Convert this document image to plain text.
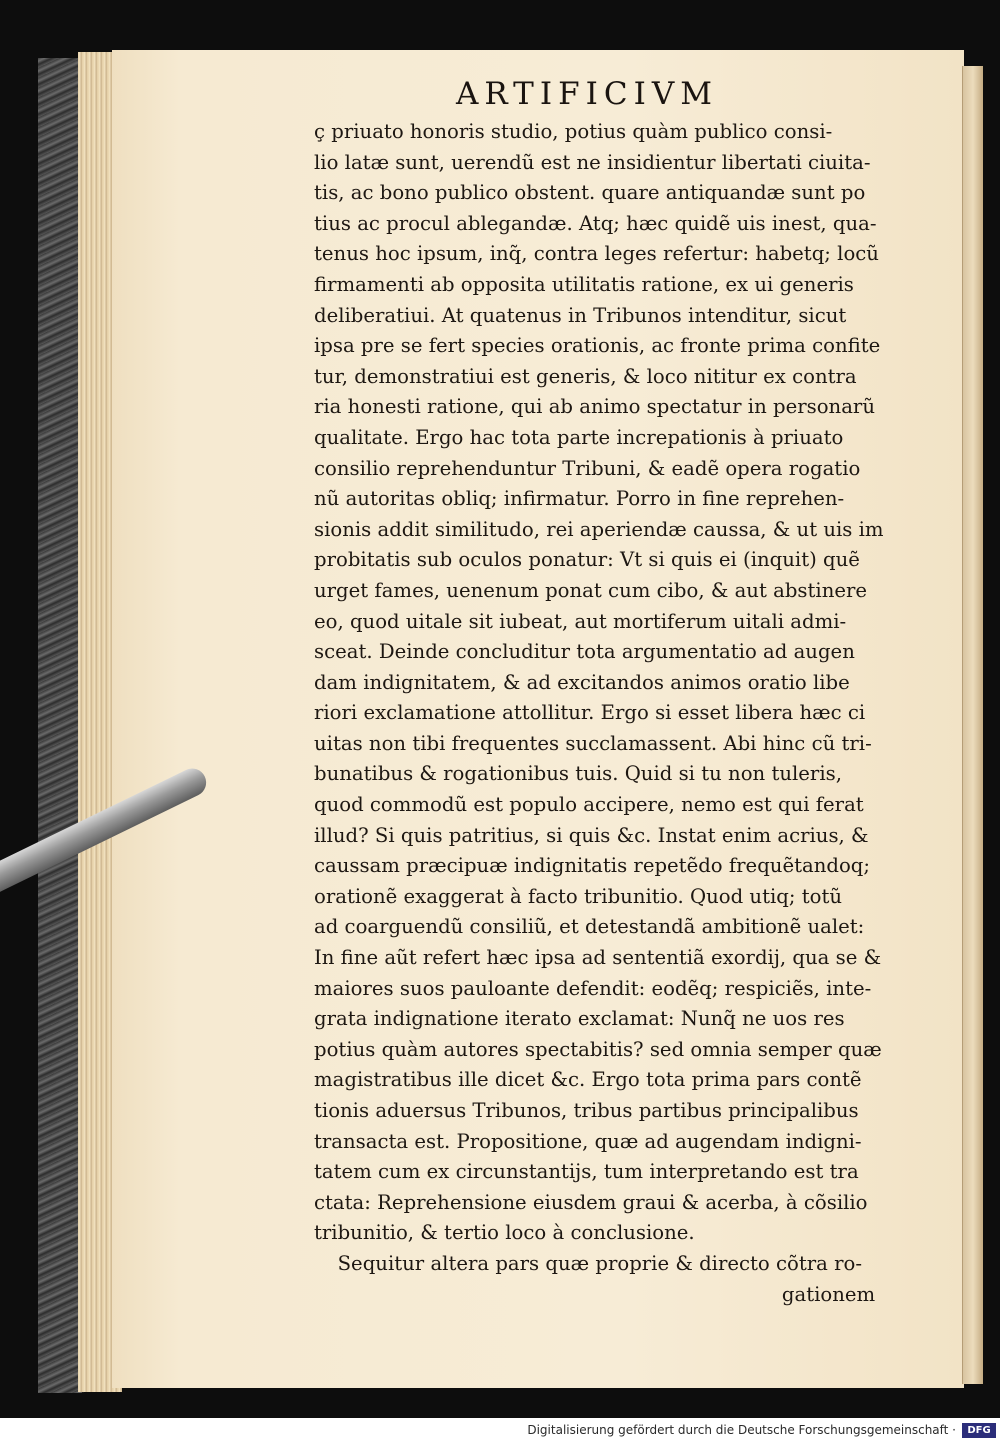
ARTIFICIVM
ç priuato honoris studio, potius quàm publico consi-
lio latæ sunt, uerendũ est ne insidientur libertati ciuita-
tis, ac bono publico obstent. quare antiquandæ sunt po
tius ac procul ablegandæ. Atq; hæc quidẽ uis inest, qua-
tenus hoc ipsum, inq̃, contra leges refertur: habetq; locũ
firmamenti ab opposita utilitatis ratione, ex ui generis
deliberatiui. At quatenus in Tribunos intenditur, sicut
ipsa pre se fert species orationis, ac fronte prima confite
tur, demonstratiui est generis, & loco nititur ex contra
ria honesti ratione, qui ab animo spectatur in personarũ
qualitate. Ergo hac tota parte increpationis à priuato
consilio reprehenduntur Tribuni, & eadẽ opera rogatio
nũ autoritas obliq; infirmatur. Porro in fine reprehen-
sionis addit similitudo, rei aperiendæ caussa, & ut uis im
probitatis sub oculos ponatur: Vt si quis ei (inquit) quẽ
urget fames, uenenum ponat cum cibo, & aut abstinere
eo, quod uitale sit iubeat, aut mortiferum uitali admi-
sceat. Deinde concluditur tota argumentatio ad augen
dam indignitatem, & ad excitandos animos oratio libe
riori exclamatione attollitur. Ergo si esset libera hæc ci
uitas non tibi frequentes succlamassent. Abi hinc cũ tri-
bunatibus & rogationibus tuis. Quid si tu non tuleris,
quod commodũ est populo accipere, nemo est qui ferat
illud? Si quis patritius, si quis &c. Instat enim acrius, &
caussam præcipuæ indignitatis repetẽdo frequẽtandoq;
orationẽ exaggerat à facto tribunitio. Quod utiq; totũ
ad coarguendũ consiliũ, et detestandã ambitionẽ ualet:
In fine aũt refert hæc ipsa ad sententiã exordij, qua se &
maiores suos pauloante defendit: eodẽq; respiciẽs, inte-
grata indignatione iterato exclamat: Nunq̃ ne uos res
potius quàm autores spectabitis? sed omnia semper quæ
magistratibus ille dicet &c. Ergo tota prima pars contẽ
tionis aduersus Tribunos, tribus partibus principalibus
transacta est. Propositione, quæ ad augendam indigni-
tatem cum ex circunstantijs, tum interpretando est tra
ctata: Reprehensione eiusdem graui & acerba, à cõsilio
tribunitio, & tertio loco à conclusione.
Sequitur altera pars quæ proprie & directo cõtra ro-
gationem
Digitalisierung gefördert durch die Deutsche Forschungsgemeinschaft ·	DFG
